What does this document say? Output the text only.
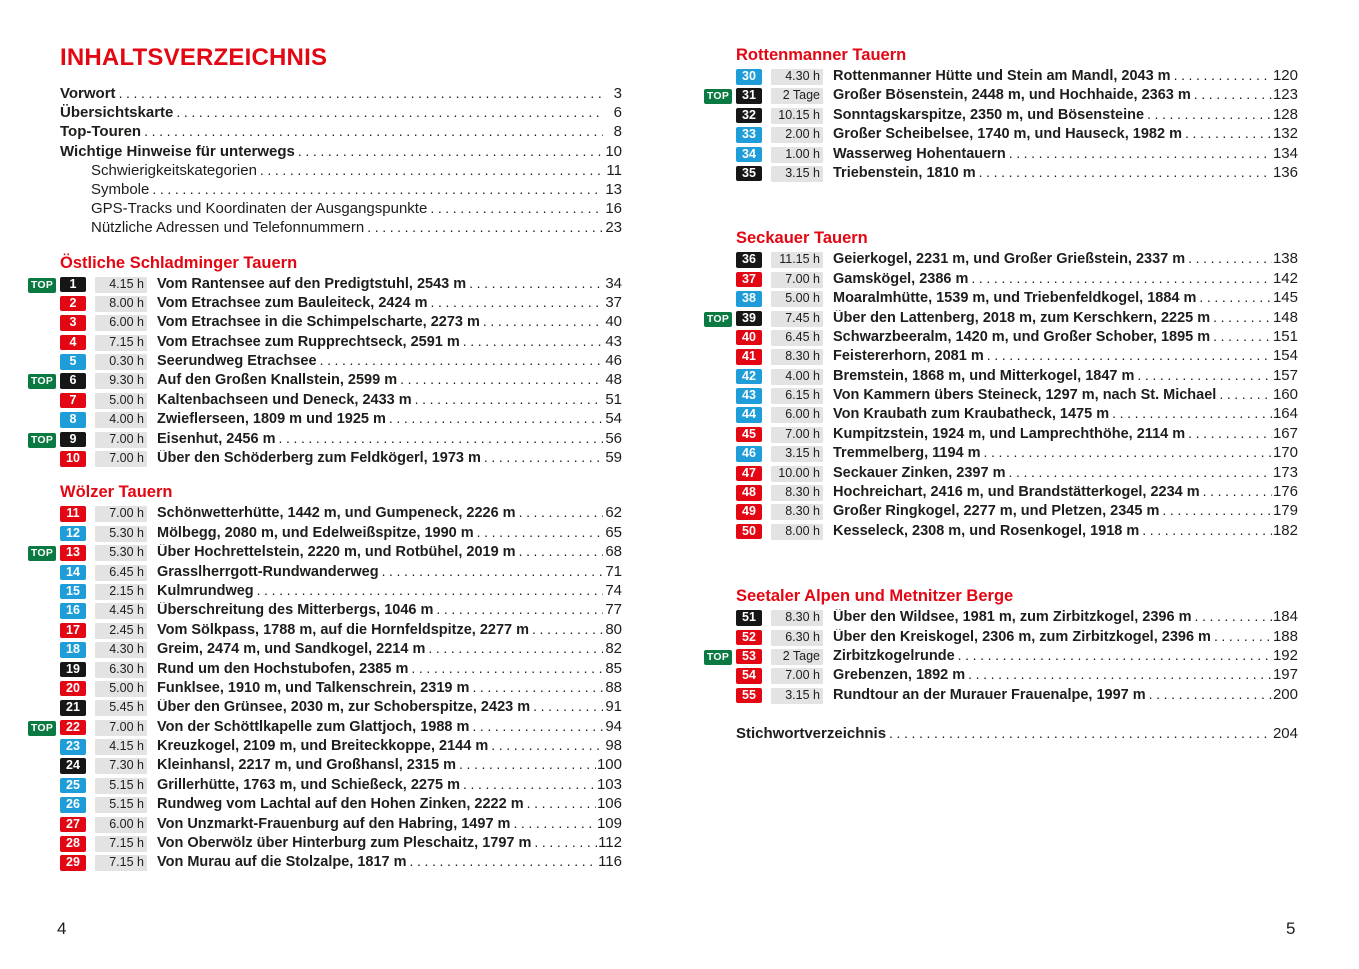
INHALTSVERZEICHNIS
Vorwort .....	3
Übersichtskarte .....	6
Top-Touren .....	8
Wichtige Hinweise für unterwegs .....	10
Schwierigkeitskategorien .....	11
Symbole .....	13
GPS-Tracks und Koordinaten der Ausgangspunkte .....	16
Nützliche Adressen und Telefonnummern .....	23
Östliche Schladminger Tauern
TOP	1	4.15 h Vom Rantensee auf den Predigtstuhl, 2543 m .....	34
2	8.00 h Vom Etrachsee zum Bauleiteck, 2424 m .....	37
3	6.00 h Vom Etrachsee in die Schimpelscharte, 2273 m .....	40
4	7.15 h Vom Etrachsee zum Rupprechtseck, 2591 m .....	43
5	0.30 h Seerundweg Etrachsee .....	46
TOP	6	9.30 h Auf den Großen Knallstein, 2599 m .....	48
7	5.00 h Kaltenbachseen und Deneck, 2433 m .....	51
8	4.00 h Zwieflerseen, 1809 m und 1925 m .....	54
TOP	9	7.00 h Eisenhut, 2456 m .....	56
10	7.00 h Über den Schöderberg zum Feldkögerl, 1973 m .....	59
Wölzer Tauern
11	7.00 h Schönwetterhütte, 1442 m, und Gumpeneck, 2226 m .....	62
12	5.30 h Mölbegg, 2080 m, und Edelweißspitze, 1990 m .....	65
TOP	13	5.30 h Über Hochrettelstein, 2220 m, und Rotbühel, 2019 m .....	68
14	6.45 h Grasslherrgott-Rundwanderweg .....	71
15	2.15 h Kulmrundweg .....	74
16	4.45 h Überschreitung des Mitterbergs, 1046 m .....	77
17	2.45 h Vom Sölkpass, 1788 m, auf die Hornfeldspitze, 2277 m .....	80
18	4.30 h Greim, 2474 m, und Sandkogel, 2214 m .....	82
19	6.30 h Rund um den Hochstubofen, 2385 m .....	85
20	5.00 h Funklsee, 1910 m, und Talkenschrein, 2319 m .....	88
21	5.45 h Über den Grünsee, 2030 m, zur Schoberspitze, 2423 m .....	91
TOP	22	7.00 h Von der Schöttlkapelle zum Glattjoch, 1988 m .....	94
23	4.15 h Kreuzkogel, 2109 m, und Breiteckkoppe, 2144 m .....	98
24	7.30 h Kleinhansl, 2217 m, und Großhansl, 2315 m .....	100
25	5.15 h Grillerhütte, 1763 m, und Schießeck, 2275 m .....	103
26	5.15 h Rundweg vom Lachtal auf den Hohen Zinken, 2222 m .....	106
27	6.00 h Von Unzmarkt-Frauenburg auf den Habring, 1497 m .....	109
28	7.15 h Von Oberwölz über Hinterburg zum Pleschaitz, 1797 m .....	112
29	7.15 h Von Murau auf die Stolzalpe, 1817 m .....	116
Rottenmanner Tauern
30	4.30 h Rottenmanner Hütte und Stein am Mandl, 2043 m .....	120
TOP	31	2 Tage Großer Bösenstein, 2448 m, und Hochhaide, 2363 m .....	123
32	10.15 h Sonntagskarspitze, 2350 m, und Bösensteine .....	128
33	2.00 h Großer Scheibelsee, 1740 m, und Hauseck, 1982 m .....	132
34	1.00 h Wasserweg Hohentauern .....	134
35	3.15 h Triebenstein, 1810 m .....	136
Seckauer Tauern
36	11.15 h Geierkogel, 2231 m, und Großer Grießstein, 2337 m .....	138
37	7.00 h Gamskögel, 2386 m .....	142
38	5.00 h Moaralmhütte, 1539 m, und Triebenfeldkogel, 1884 m .....	145
TOP	39	7.45 h Über den Lattenberg, 2018 m, zum Kerschkern, 2225 m .....	148
40	6.45 h Schwarzbeeralm, 1420 m, und Großer Schober, 1895 m .....	151
41	8.30 h Feistererhorn, 2081 m .....	154
42	4.00 h Bremstein, 1868 m, und Mitterkogel, 1847 m .....	157
43	6.15 h Von Kammern übers Steineck, 1297 m, nach St. Michael .....	160
44	6.00 h Von Kraubath zum Kraubatheck, 1475 m .....	164
45	7.00 h Kumpitzstein, 1924 m, und Lamprechthöhe, 2114 m .....	167
46	3.15 h Tremmelberg, 1194 m .....	170
47	10.00 h Seckauer Zinken, 2397 m .....	173
48	8.30 h Hochreichart, 2416 m, und Brandstätterkogel, 2234 m .....	176
49	8.30 h Großer Ringkogel, 2277 m, und Pletzen, 2345 m .....	179
50	8.00 h Kesseleck, 2308 m, und Rosenkogel, 1918 m .....	182
Seetaler Alpen und Metnitzer Berge
51	8.30 h Über den Wildsee, 1981 m, zum Zirbitzkogel, 2396 m .....	184
52	6.30 h Über den Kreiskogel, 2306 m, zum Zirbitzkogel, 2396 m .....	188
TOP	53	2 Tage Zirbitzkogelrunde .....	192
54	7.00 h Grebenzen, 1892 m .....	197
55	3.15 h Rundtour an der Murauer Frauenalpe, 1997 m .....	200
Stichwortverzeichnis .....	204
4	5
